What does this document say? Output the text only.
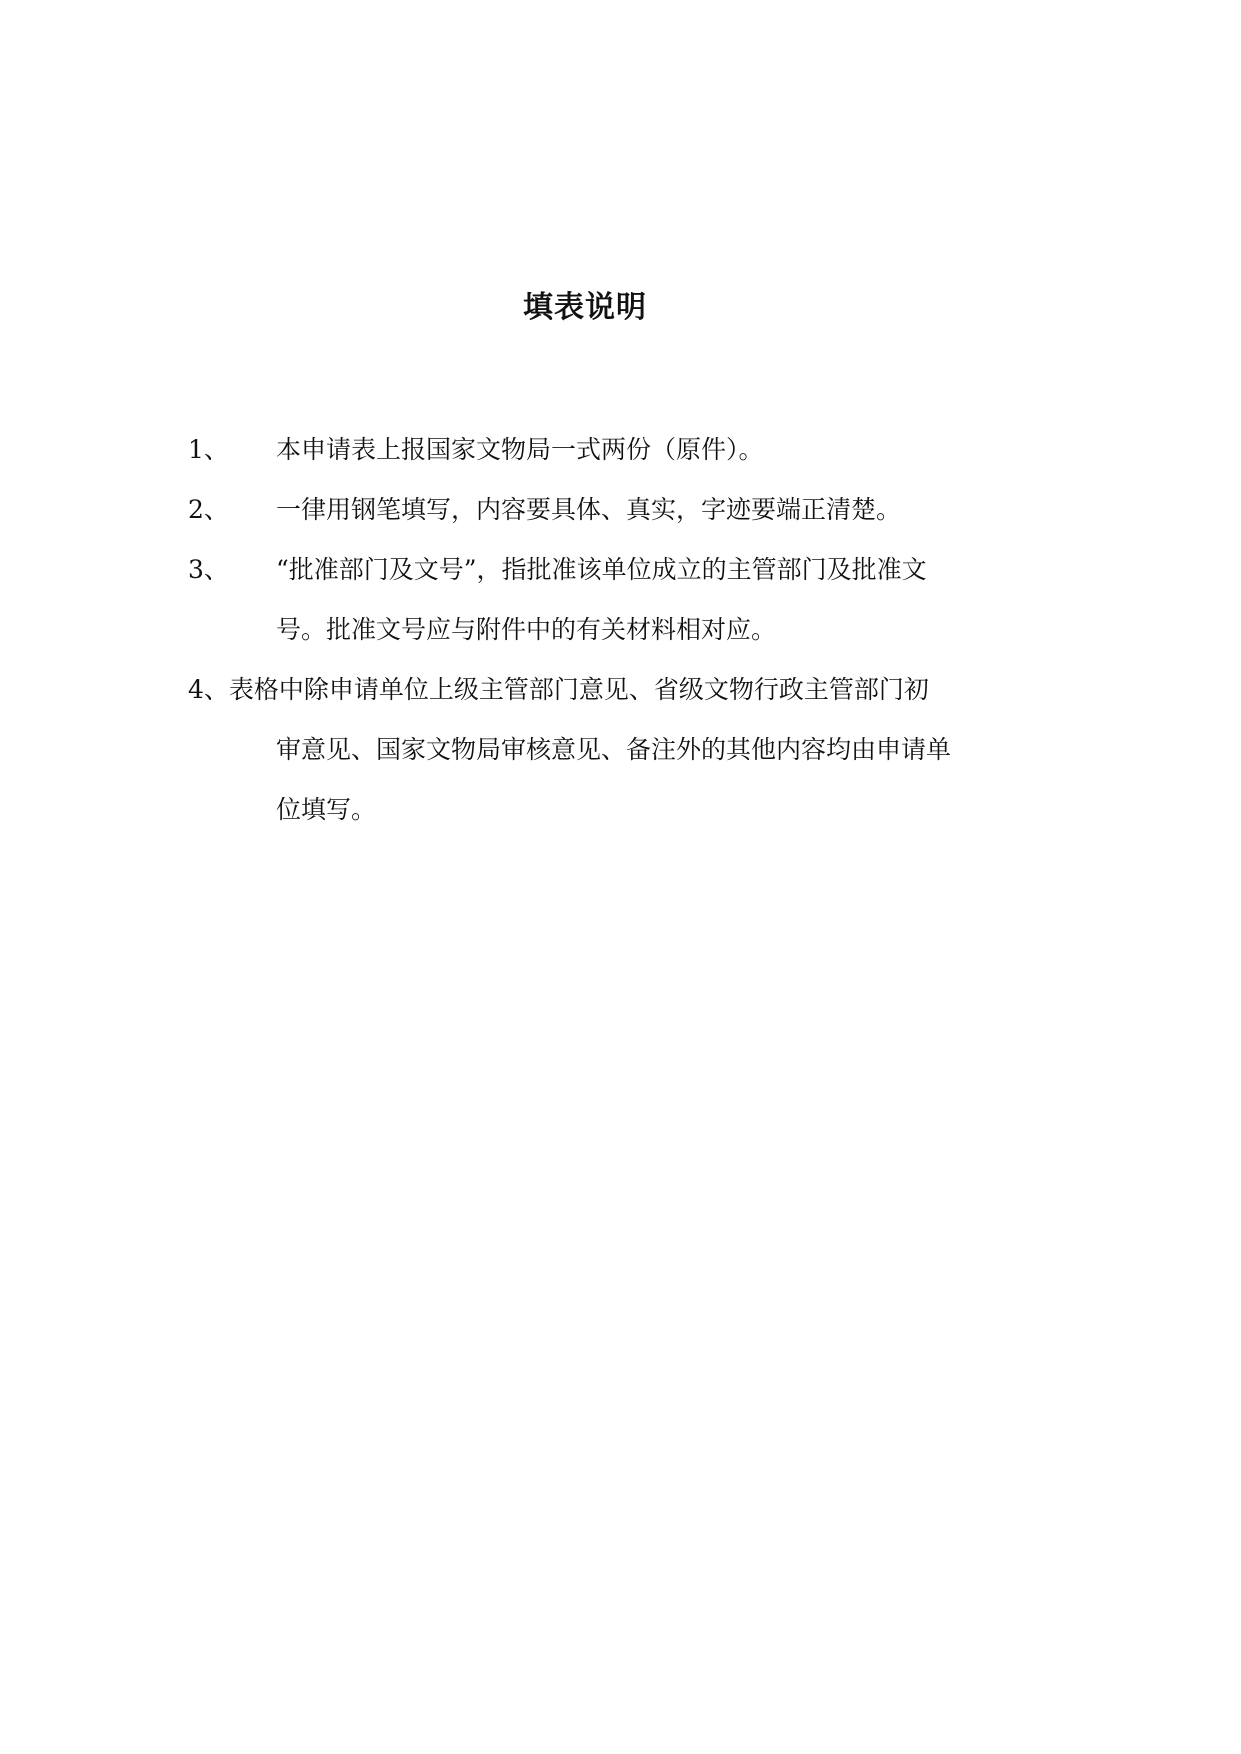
填表说明
1、	本申请表上报国家文物局一式两份（原件）。
2、	一律用钢笔填写，内容要具体、真实，字迹要端正清楚。
3、	“批准部门及文号”，指批准该单位成立的主管部门及批准文
号。批准文号应与附件中的有关材料相对应。
4、表格中除申请单位上级主管部门意见、省级文物行政主管部门初
审意见、国家文物局审核意见、备注外的其他内容均由申请单
位填写。
